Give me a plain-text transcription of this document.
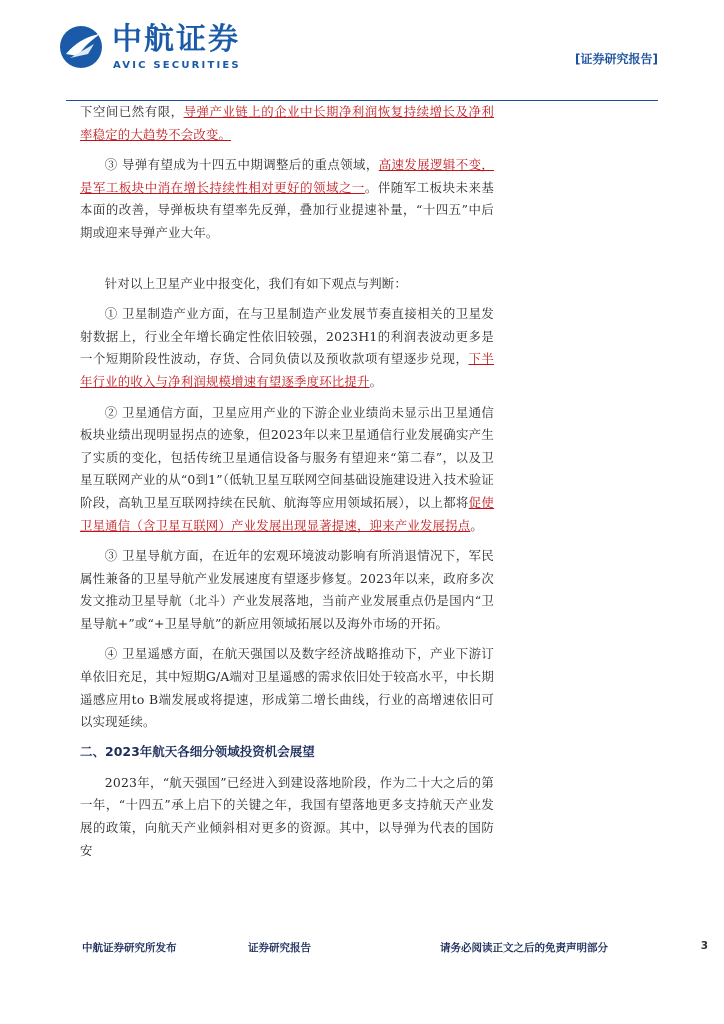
中航证券
AVIC SECURITIES	[证券研究报告]

下空间已然有限，导弹产业链上的企业中长期净利润恢复持续增长及净利率稳定的大趋势不会改变。

③ 导弹有望成为十四五中期调整后的重点领域，高速发展逻辑不变，是军工板块中消在增长持续性相对更好的领域之一。伴随军工板块未来基本面的改善，导弹板块有望率先反弹，叠加行业提速补量，“十四五”中后期或迎来导弹产业大年。

针对以上卫星产业中报变化，我们有如下观点与判断：

① 卫星制造产业方面，在与卫星制造产业发展节奏直接相关的卫星发射数据上，行业全年增长确定性依旧较强，2023H1的利润表波动更多是一个短期阶段性波动，存货、合同负债以及预收款项有望逐步兑现，下半年行业的收入与净利润规模增速有望逐季度环比提升。

② 卫星通信方面，卫星应用产业的下游企业业绩尚未显示出卫星通信板块业绩出现明显拐点的迹象，但2023年以来卫星通信行业发展确实产生了实质的变化，包括传统卫星通信设备与服务有望迎来“第二春”，以及卫星互联网产业的从“0到1”（低轨卫星互联网空间基础设施建设进入技术验证阶段，高轨卫星互联网持续在民航、航海等应用领域拓展），以上都将促使卫星通信（含卫星互联网）产业发展出现显著提速，迎来产业发展拐点。

③ 卫星导航方面，在近年的宏观环境波动影响有所消退情况下，军民属性兼备的卫星导航产业发展速度有望逐步修复。2023年以来，政府多次发文推动卫星导航（北斗）产业发展落地，当前产业发展重点仍是国内“卫星导航+”或“+卫星导航”的新应用领域拓展以及海外市场的开拓。

④ 卫星遥感方面，在航天强国以及数字经济战略推动下，产业下游订单依旧充足，其中短期G/A端对卫星遥感的需求依旧处于较高水平，中长期遥感应用to B端发展或将提速，形成第二增长曲线，行业的高增速依旧可以实现延续。

二、2023年航天各细分领域投资机会展望

2023年，“航天强国”已经进入到建设落地阶段，作为二十大之后的第一年，“十四五”承上启下的关键之年，我国有望落地更多支持航天产业发展的政策，向航天产业倾斜相对更多的资源。其中，以导弹为代表的国防安

中航证券研究所发布	证券研究报告	请务必阅读正文之后的免责声明部分	3
